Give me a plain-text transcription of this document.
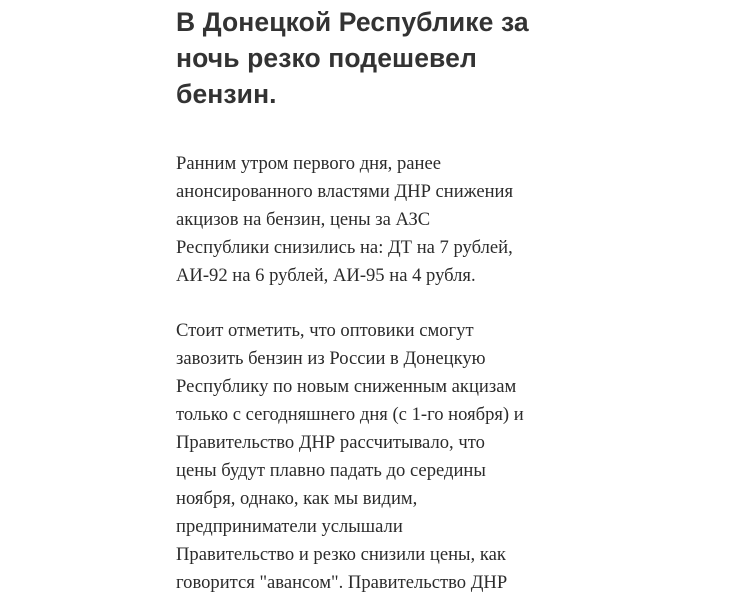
В Донецкой Республике за
ночь резко подешевел
бензин.

Ранним утром первого дня, ранее
анонсированного властями ДНР снижения
акцизов на бензин, цены за АЗС
Республики снизились на: ДТ на 7 рублей,
АИ-92 на 6 рублей, АИ-95 на 4 рубля.

Стоит отметить, что оптовики смогут
завозить бензин из России в Донецкую
Республику по новым сниженным акцизам
только с сегодняшнего дня (с 1-го ноября) и
Правительство ДНР рассчитывало, что
цены будут плавно падать до середины
ноября, однако, как мы видим,
предприниматели услышали
Правительство и резко снизили цены, как
говорится "авансом". Правительство ДНР
